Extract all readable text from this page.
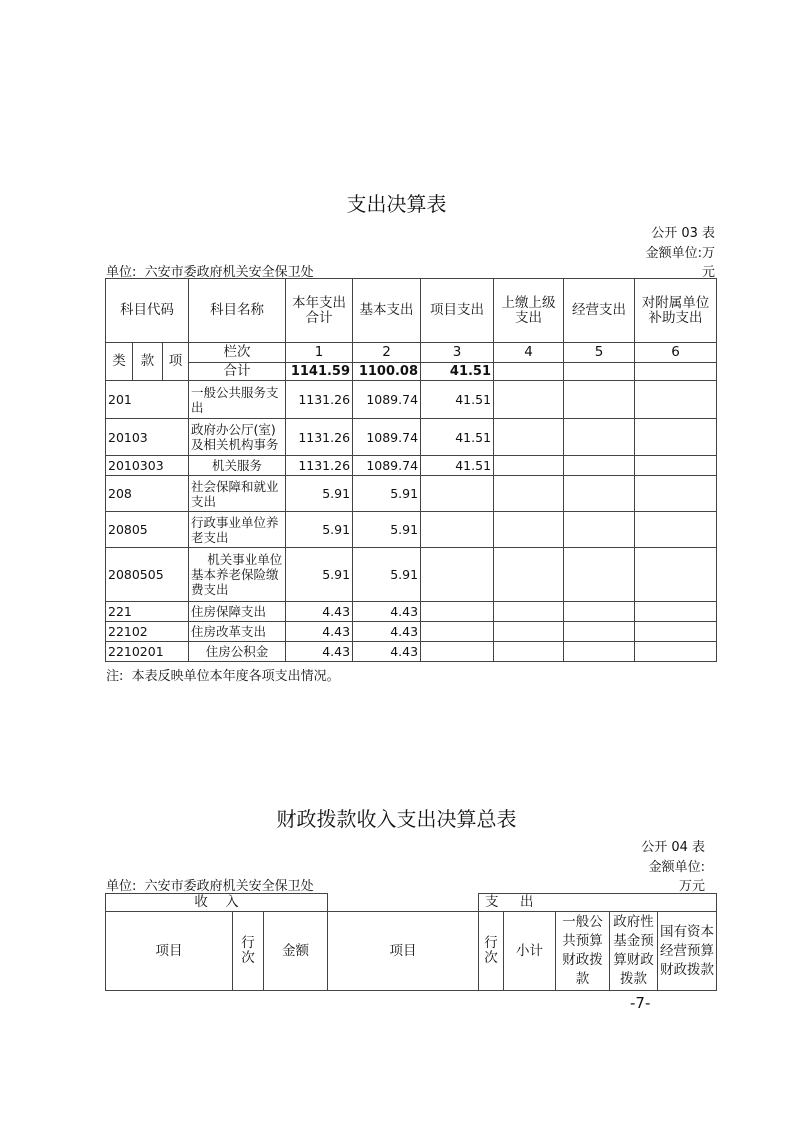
支出决算表
公开 03 表
金额单位:万
元
单位:  六安市委政府机关安全保卫处
科目代码			科目名称	本年支出合计	基本支出	项目支出	上缴上级支出	经营支出	对附属单位补助支出
类	款	项	栏次	1	2	3	4	5	6
			合计	1141.59	1100.08	41.51			
201			一般公共服务支出	1131.26	1089.74	41.51			
20103			政府办公厅(室)及相关机构事务	1131.26	1089.74	41.51			
2010303			机关服务	1131.26	1089.74	41.51			
208			社会保障和就业支出	5.91	5.91				
20805			行政事业单位养老支出	5.91	5.91				
2080505			机关事业单位基本养老保险缴费支出	5.91	5.91				
221			住房保障支出	4.43	4.43				
22102			住房改革支出	4.43	4.43				
2210201			住房公积金	4.43	4.43				
注:  本表反映单位本年度各项支出情况。
财政拨款收入支出决算总表
公开 04 表
金额单位:
万元
单位:  六安市委政府机关安全保卫处
收    入				支     出				
项目	行次	金额	项目	行次	小计	一般公共预算财政拨款	政府性基金预算财政拨款	国有资本经营预算财政拨款
-7-
